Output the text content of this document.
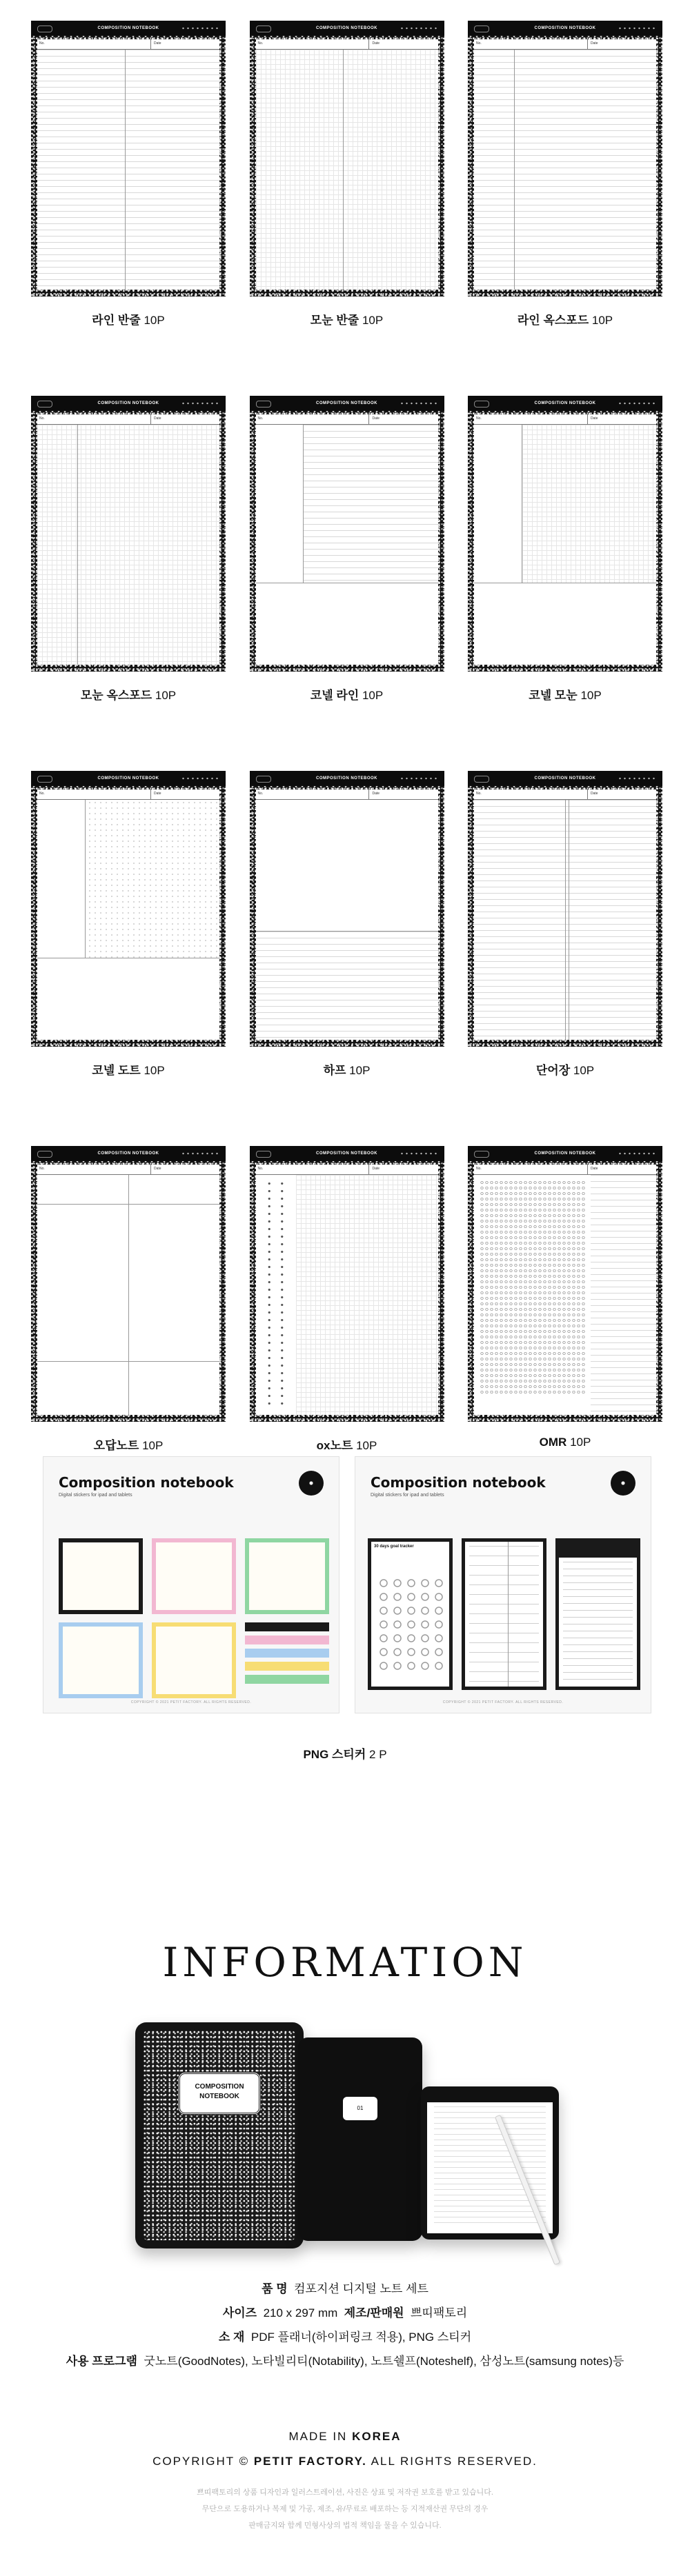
COMPOSITION NOTEBOOK
No.	Date
라인 반줄 10P
COMPOSITION NOTEBOOK
No.	Date
모눈 반줄 10P
COMPOSITION NOTEBOOK
No.	Date
라인 옥스포드 10P
COMPOSITION NOTEBOOK
No.	Date
모눈 옥스포드 10P
COMPOSITION NOTEBOOK
No.	Date
코넬 라인 10P
COMPOSITION NOTEBOOK
No.	Date
코넬 모눈 10P
COMPOSITION NOTEBOOK
No.	Date
코넬 도트 10P
COMPOSITION NOTEBOOK
No.	Date
하프 10P
COMPOSITION NOTEBOOK
No.	Date
단어장 10P
COMPOSITION NOTEBOOK
No.	Date
오답노트 10P
COMPOSITION NOTEBOOK
No.	Date
ox노트 10P
COMPOSITION NOTEBOOK
No.	Date
OMR 10P
Composition notebook
Digital stickers for ipad and tablets
COPYRIGHT © 2021 PETIT FACTORY. ALL RIGHTS RESERVED.
Composition notebook
Digital stickers for ipad and tablets
30 days goal tracker
COPYRIGHT © 2021 PETIT FACTORY. ALL RIGHTS RESERVED.
PNG 스티커 2 P
INFORMATION
COMPOSITION
NOTEBOOK
01
품 명 컴포지션 디지털 노트 세트
사이즈 210 x 297 mm 제조/판매원 쁘띠팩토리
소 재 PDF 플래너(하이퍼링크 적용), PNG 스티커
사용 프로그램 굿노트(GoodNotes), 노타빌리티(Notability), 노트쉘프(Noteshelf), 삼성노트(samsung notes)등
MADE IN KOREA
COPYRIGHT © PETIT FACTORY. ALL RIGHTS RESERVED.
쁘띠팩토리의 상품 디자인과 일러스트레이션, 사진은 상표 및 저작권 보호를 받고 있습니다.
무단으로 도용하거나 복제 및 가공, 제조, 유/무료로 배포하는 등 지적재산권 무단의 경우
판매금지와 함께 민형사상의 법적 책임을 물을 수 있습니다.
